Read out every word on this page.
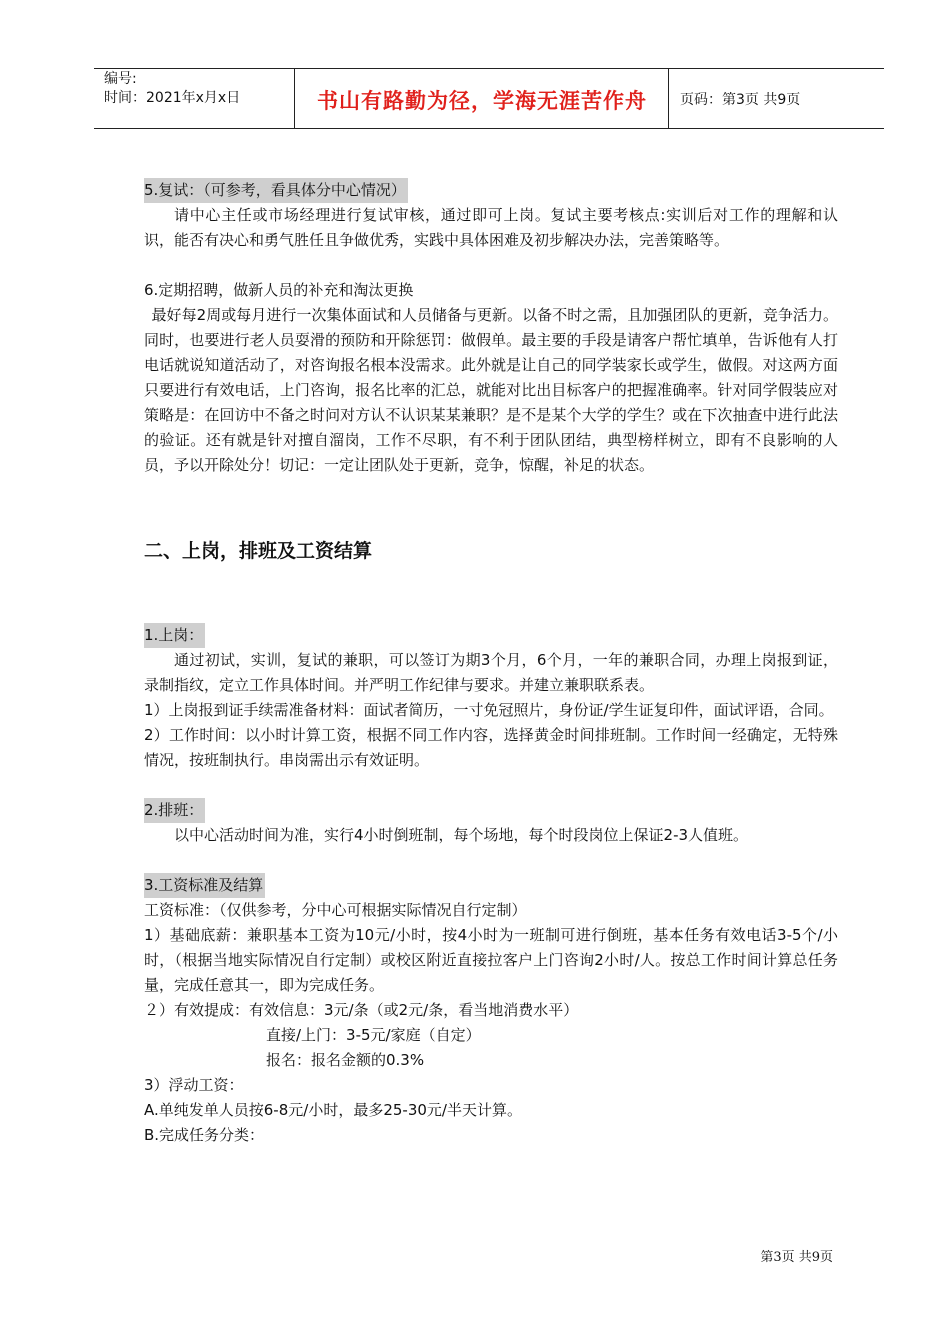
编号:
时间：2021年x月x日	书山有路勤为径，学海无涯苦作舟	页码：第3页 共9页

5.复试：（可参考，看具体分中心情况）

请中心主任或市场经理进行复试审核，通过即可上岗。复试主要考核点:实训后对工作的理解和认识，能否有决心和勇气胜任且争做优秀，实践中具体困难及初步解决办法，完善策略等。

6.定期招聘，做新人员的补充和淘汰更换

最好每2周或每月进行一次集体面试和人员储备与更新。以备不时之需，且加强团队的更新，竞争活力。同时，也要进行老人员耍滑的预防和开除惩罚：做假单。最主要的手段是请客户帮忙填单，告诉他有人打电话就说知道活动了，对咨询报名根本没需求。此外就是让自己的同学装家长或学生，做假。对这两方面只要进行有效电话，上门咨询，报名比率的汇总，就能对比出目标客户的把握准确率。针对同学假装应对策略是：在回访中不备之时问对方认不认识某某兼职？是不是某个大学的学生？或在下次抽查中进行此法的验证。还有就是针对擅自溜岗，工作不尽职，有不利于团队团结，典型榜样树立，即有不良影响的人员，予以开除处分！切记：一定让团队处于更新，竞争，惊醒，补足的状态。

二、上岗，排班及工资结算

1.上岗：

通过初试，实训，复试的兼职，可以签订为期3个月，6个月，一年的兼职合同，办理上岗报到证，录制指纹，定立工作具体时间。并严明工作纪律与要求。并建立兼职联系表。

1）上岗报到证手续需准备材料：面试者简历，一寸免冠照片，身份证/学生证复印件，面试评语，合同。

2）工作时间：以小时计算工资，根据不同工作内容，选择黄金时间排班制。工作时间一经确定，无特殊情况，按班制执行。串岗需出示有效证明。

2.排班：

以中心活动时间为准，实行4小时倒班制，每个场地，每个时段岗位上保证2-3人值班。

3.工资标准及结算

工资标准：（仅供参考，分中心可根据实际情况自行定制）

1）基础底薪：兼职基本工资为10元/小时，按4小时为一班制可进行倒班，基本任务有效电话3-5个/小时，（根据当地实际情况自行定制）或校区附近直接拉客户上门咨询2小时/人。按总工作时间计算总任务量，完成任意其一，即为完成任务。

２）有效提成：有效信息：3元/条（或2元/条，看当地消费水平）

直接/上门：3-5元/家庭（自定）

报名：报名金额的0.3%

3）浮动工资：

A.单纯发单人员按6-8元/小时，最多25-30元/半天计算。

B.完成任务分类：

第3页 共9页
